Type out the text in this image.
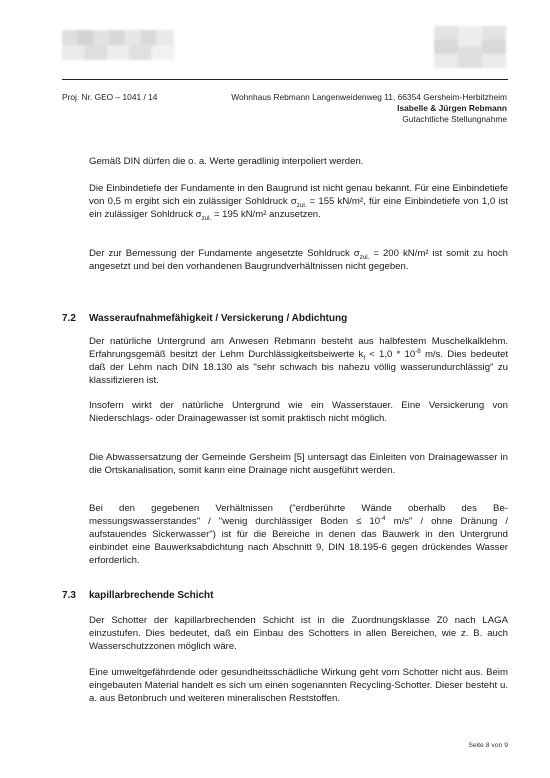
Proj. Nr. GEO – 1041 / 14	Wohnhaus Rebmann Langenweidenweg 11, 66354 Gersheim-Herbitzheim
Isabelle & Jürgen Rebmann
Gutachtliche Stellungnahme

Gemäß DIN dürfen die o. a. Werte geradlinig interpoliert werden.

Die Einbindetiefe der Fundamente in den Baugrund ist nicht genau bekannt. Für eine Einbindetiefe von 0,5 m ergibt sich ein zulässiger Sohldruck $\sigma_{zul.} = 155$ kN/m², für eine Einbindetiefe von 1,0 ist ein zulässiger Sohldruck $\sigma_{zul.} = 195$ kN/m² anzusetzen.

Der zur Bemessung der Fundamente angesetzte Sohldruck $\sigma_{zul.} = 200$ kN/m² ist somit zu hoch angesetzt und bei den vorhandenen Baugrundverhältnissen nicht gegeben.

7.2 Wasseraufnahmefähigkeit / Versickerung / Abdichtung

Der natürliche Untergrund am Anwesen Rebmann besteht aus halbfestem Muschelkalklehm. Erfahrungsgemäß besitzt der Lehm Durchlässigkeitsbeiwerte $k_f < 1,0 * 10^{-8}$ m/s. Dies bedeutet daß der Lehm nach DIN 18.130 als "sehr schwach bis nahezu völlig wasserundurchlässig" zu klassifizieren ist.

Insofern wirkt der natürliche Untergrund wie ein Wasserstauer. Eine Versickerung von Niederschlags- oder Drainagewasser ist somit praktisch nicht möglich.

Die Abwassersatzung der Gemeinde Gersheim [5] untersagt das Einleiten von Drainagewasser in die Ortskanalisation, somit kann eine Drainage nicht ausgeführt werden.

Bei den gegebenen Verhältnissen ("erdberührte Wände oberhalb des Bemessungswasserstandes" / "wenig durchlässiger Boden ≤ $10^{-4}$ m/s" / ohne Dränung / aufstauendes Sickerwasser") ist für die Bereiche in denen das Bauwerk in den Untergrund einbindet eine Bauwerksabdichtung nach Abschnitt 9, DIN 18.195-6 gegen drückendes Wasser erforderlich.

7.3 kapillarbrechende Schicht

Der Schotter der kapillarbrechenden Schicht ist in die Zuordnungsklasse Z0 nach LAGA einzustufen. Dies bedeutet, daß ein Einbau des Schotters in allen Bereichen, wie z. B. auch Wasserschutzzonen möglich wäre.

Eine umweltgefährdende oder gesundheitsschädliche Wirkung geht vom Schotter nicht aus. Beim eingebauten Material handelt es sich um einen sogenannten Recycling-Schotter. Dieser besteht u. a. aus Betonbruch und weiteren mineralischen Reststoffen.

Seite 8 von 9
